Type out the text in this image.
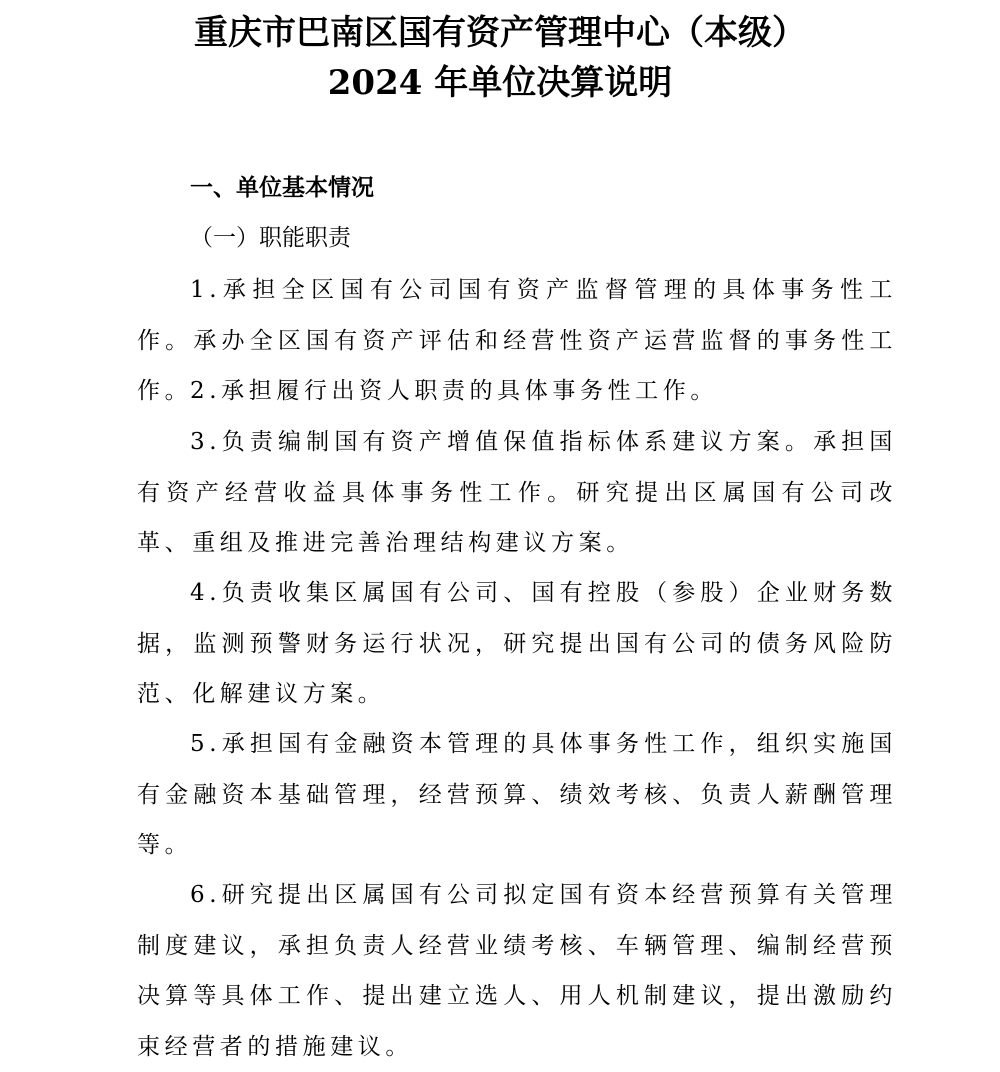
重庆市巴南区国有资产管理中心（本级）
2024 年单位决算说明
一、单位基本情况
（一）职能职责

1.承担全区国有公司国有资产监督管理的具体事务性工作。承办全区国有资产评估和经营性资产运营监督的事务性工作。

2.承担履行出资人职责的具体事务性工作。

3.负责编制国有资产增值保值指标体系建议方案。承担国有资产经营收益具体事务性工作。研究提出区属国有公司改革、重组及推进完善治理结构建议方案。

4.负责收集区属国有公司、国有控股（参股）企业财务数据，监测预警财务运行状况，研究提出国有公司的债务风险防范、化解建议方案。

5.承担国有金融资本管理的具体事务性工作，组织实施国有金融资本基础管理，经营预算、绩效考核、负责人薪酬管理等。

6.研究提出区属国有公司拟定国有资本经营预算有关管理制度建议，承担负责人经营业绩考核、车辆管理、编制经营预决算等具体工作、提出建立选人、用人机制建议，提出激励约束经营者的措施建议。
